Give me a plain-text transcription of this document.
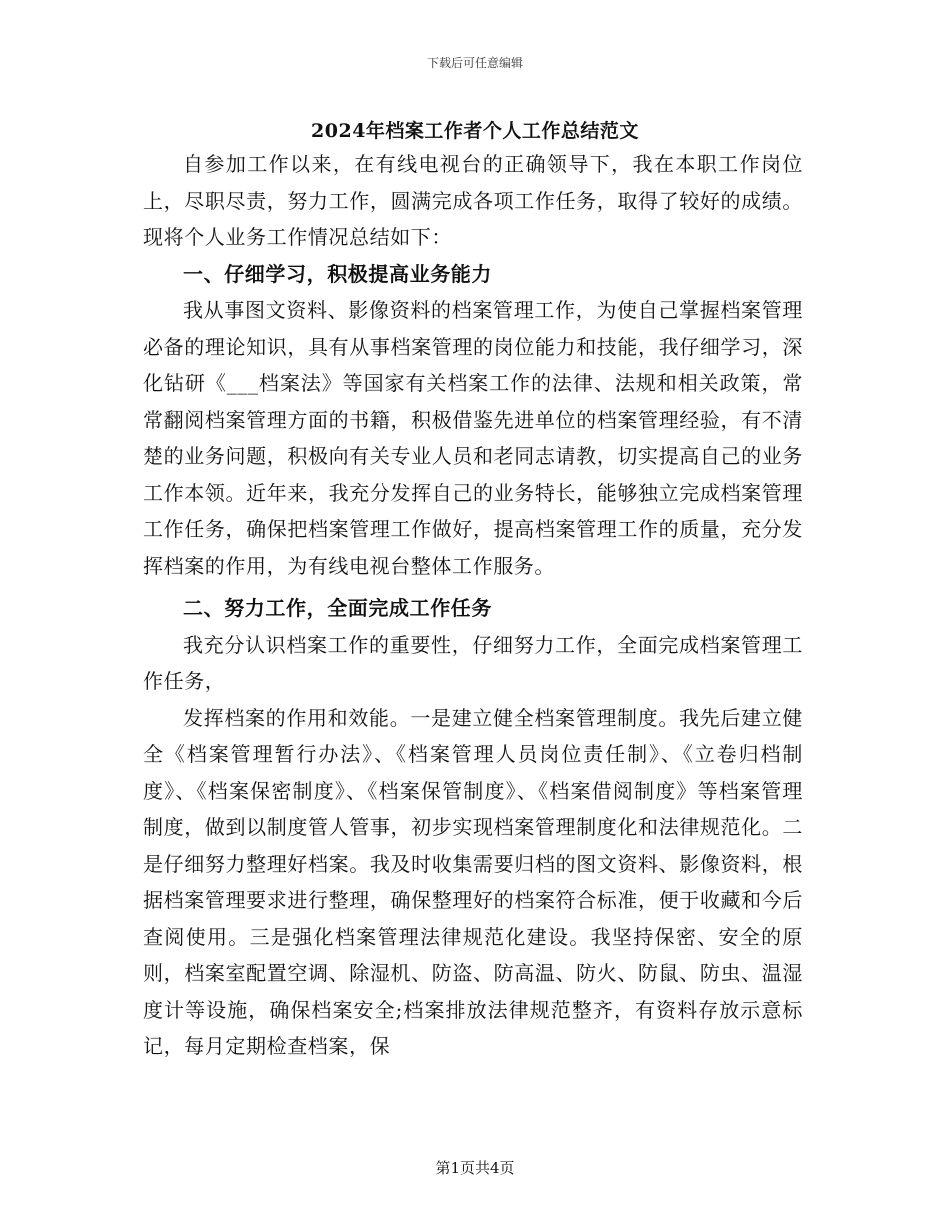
下载后可任意编辑
2024年档案工作者个人工作总结范文

自参加工作以来，在有线电视台的正确领导下，我在本职工作岗位上，尽职尽责，努力工作，圆满完成各项工作任务，取得了较好的成绩。现将个人业务工作情况总结如下：

一、仔细学习，积极提高业务能力

我从事图文资料、影像资料的档案管理工作，为使自己掌握档案管理必备的理论知识，具有从事档案管理的岗位能力和技能，我仔细学习，深化钻研《___档案法》等国家有关档案工作的法律、法规和相关政策，常常翻阅档案管理方面的书籍，积极借鉴先进单位的档案管理经验，有不清楚的业务问题，积极向有关专业人员和老同志请教，切实提高自己的业务工作本领。近年来，我充分发挥自己的业务特长，能够独立完成档案管理工作任务，确保把档案管理工作做好，提高档案管理工作的质量，充分发挥档案的作用，为有线电视台整体工作服务。

二、努力工作，全面完成工作任务

我充分认识档案工作的重要性，仔细努力工作，全面完成档案管理工作任务，

发挥档案的作用和效能。一是建立健全档案管理制度。我先后建立健全《档案管理暂行办法》、《档案管理人员岗位责任制》、《立卷归档制度》、《档案保密制度》、《档案保管制度》、《档案借阅制度》等档案管理制度，做到以制度管人管事，初步实现档案管理制度化和法律规范化。二是仔细努力整理好档案。我及时收集需要归档的图文资料、影像资料，根据档案管理要求进行整理，确保整理好的档案符合标准，便于收藏和今后查阅使用。三是强化档案管理法律规范化建设。我坚持保密、安全的原则，档案室配置空调、除湿机、防盗、防高温、防火、防鼠、防虫、温湿度计等设施，确保档案安全;档案排放法律规范整齐，有资料存放示意标记，每月定期检查档案，保

第1页共4页
